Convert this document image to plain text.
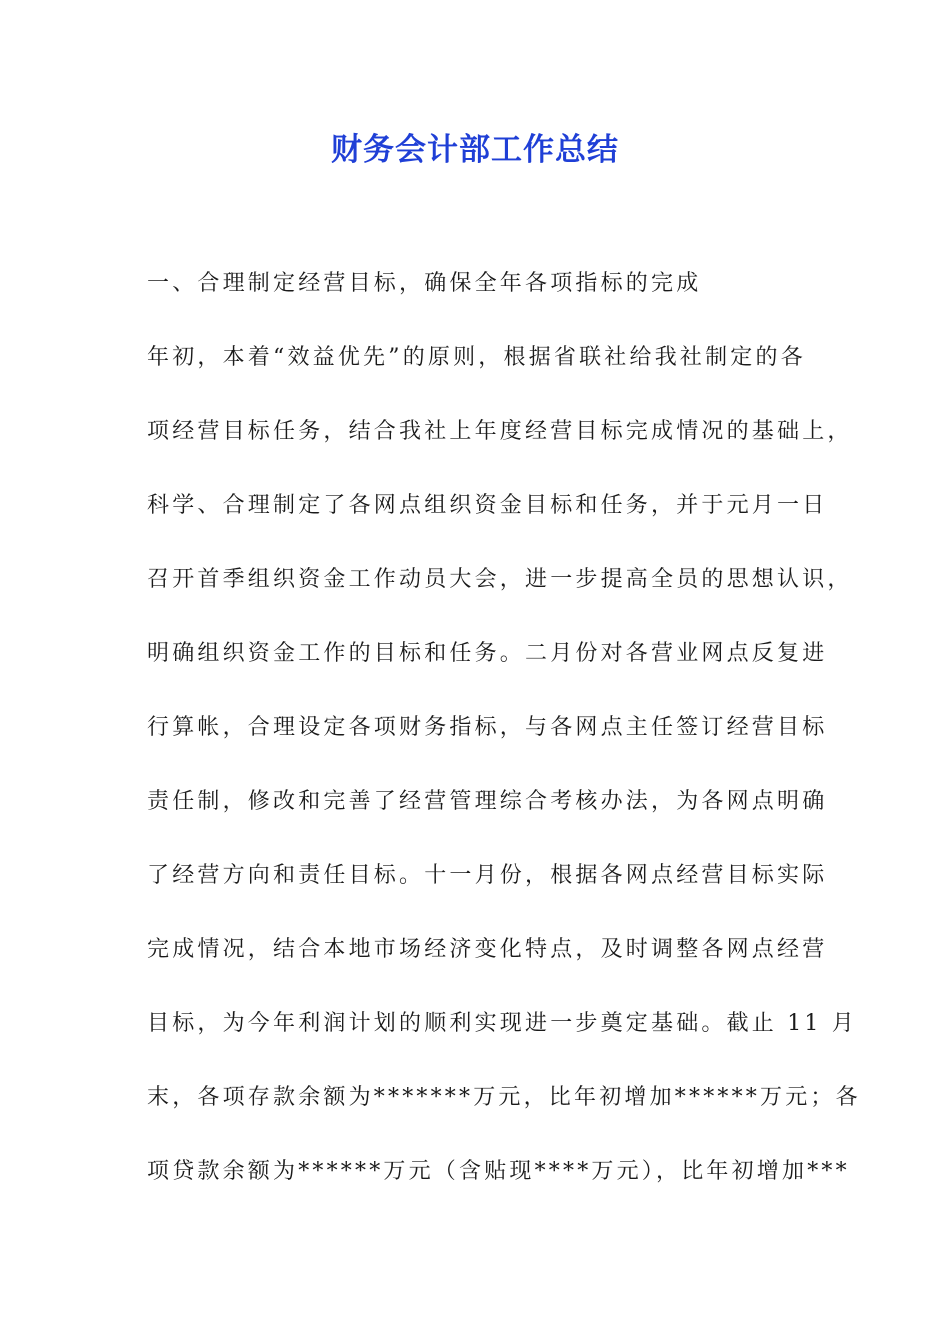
财务会计部工作总结
一、合理制定经营目标，确保全年各项指标的完成
年初，本着“效益优先”的原则，根据省联社给我社制定的各
项经营目标任务，结合我社上年度经营目标完成情况的基础上，
科学、合理制定了各网点组织资金目标和任务，并于元月一日
召开首季组织资金工作动员大会，进一步提高全员的思想认识，
明确组织资金工作的目标和任务。二月份对各营业网点反复进
行算帐，合理设定各项财务指标，与各网点主任签订经营目标
责任制，修改和完善了经营管理综合考核办法，为各网点明确
了经营方向和责任目标。十一月份，根据各网点经营目标实际
完成情况，结合本地市场经济变化特点，及时调整各网点经营
目标，为今年利润计划的顺利实现进一步奠定基础。截止 11 月
末，各项存款余额为*******万元，比年初增加******万元；各
项贷款余额为******万元（含贴现****万元），比年初增加***
